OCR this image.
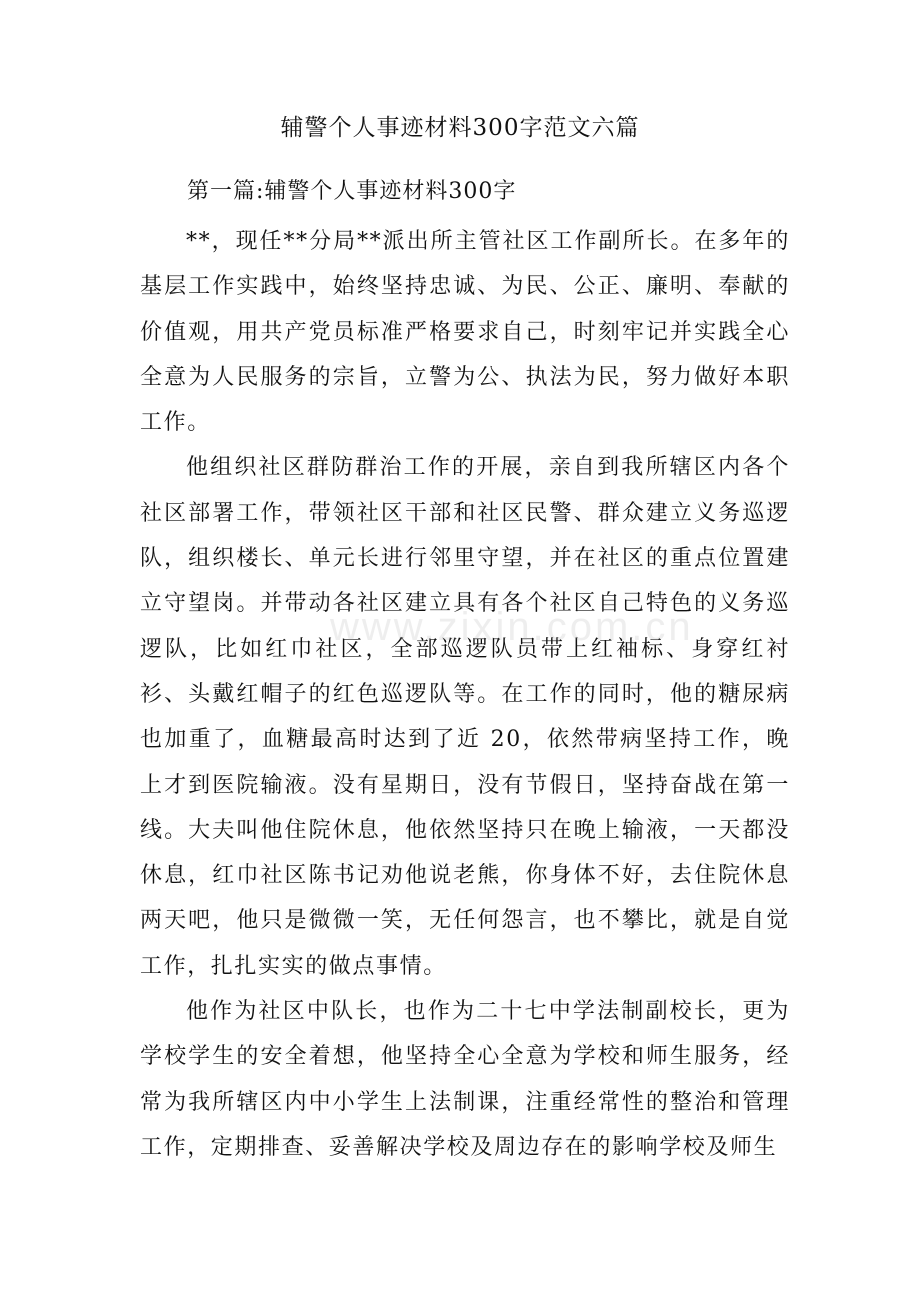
辅警个人事迹材料300字范文六篇
第一篇:辅警个人事迹材料300字

**，现任**分局**派出所主管社区工作副所长。在多年的基层工作实践中，始终坚持忠诚、为民、公正、廉明、奉献的价值观，用共产党员标准严格要求自己，时刻牢记并实践全心全意为人民服务的宗旨，立警为公、执法为民，努力做好本职工作。

他组织社区群防群治工作的开展，亲自到我所辖区内各个社区部署工作，带领社区干部和社区民警、群众建立义务巡逻队，组织楼长、单元长进行邻里守望，并在社区的重点位置建立守望岗。并带动各社区建立具有各个社区自己特色的义务巡逻队，比如红巾社区，全部巡逻队员带上红袖标、身穿红衬衫、头戴红帽子的红色巡逻队等。在工作的同时，他的糖尿病也加重了，血糖最高时达到了近 20，依然带病坚持工作，晚上才到医院输液。没有星期日，没有节假日，坚持奋战在第一线。大夫叫他住院休息，他依然坚持只在晚上输液，一天都没休息，红巾社区陈书记劝他说老熊，你身体不好，去住院休息两天吧，他只是微微一笑，无任何怨言，也不攀比，就是自觉工作，扎扎实实的做点事情。

他作为社区中队长，也作为二十七中学法制副校长，更为学校学生的安全着想，他坚持全心全意为学校和师生服务，经常为我所辖区内中小学生上法制课，注重经常性的整治和管理工作，定期排查、妥善解决学校及周边存在的影响学校及师生

www.zixin.com.cn
